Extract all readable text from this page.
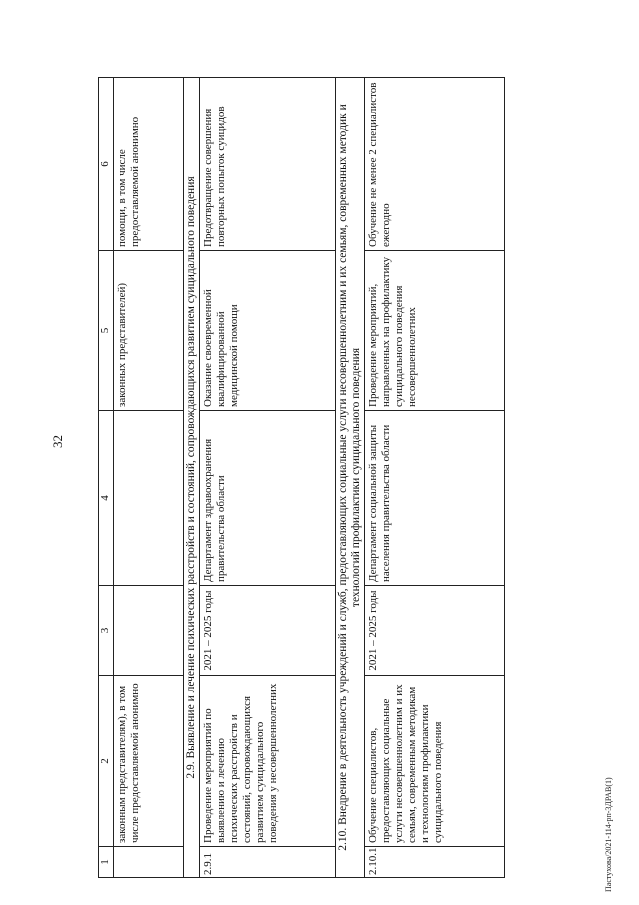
32
Пастухова/2021-114-рп-3ДРАВ(1)
1	2	3	4	5	6
	законным представителям), в том числе предоставляемой анонимно			законных представителей)	помощи, в том числе предоставляемой анонимно
2.9. Выявление и лечение психических расстройств и состояний, сопровождающихся развитием суицидального поведения					
2.9.1	Проведение мероприятий по выявлению и лечению психических расстройств и состояний, сопровождающихся развитием суицидального поведения у несовершеннолетних	2021 – 2025 годы	Департамент здравоохранения правительства области	Оказание своевременной квалифицированной медицинской помощи	Предотвращение совершения повторных попыток суицидов
2.10. Внедрение в деятельность учреждений и служб, предоставляющих социальные услуги несовершеннолетним и их семьям, современных методик и технологий профилактики суицидального поведения					
2.10.1	Обучение специалистов, предоставляющих социальные услуги несовершеннолетним и их семьям, современным методикам и технологиям профилактики суицидального поведения	2021 – 2025 годы	Департамент социальной защиты населения правительства области	Проведение мероприятий, направленных на профилактику суицидального поведения несовершеннолетних	Обучение не менее 2 специалистов ежегодно
